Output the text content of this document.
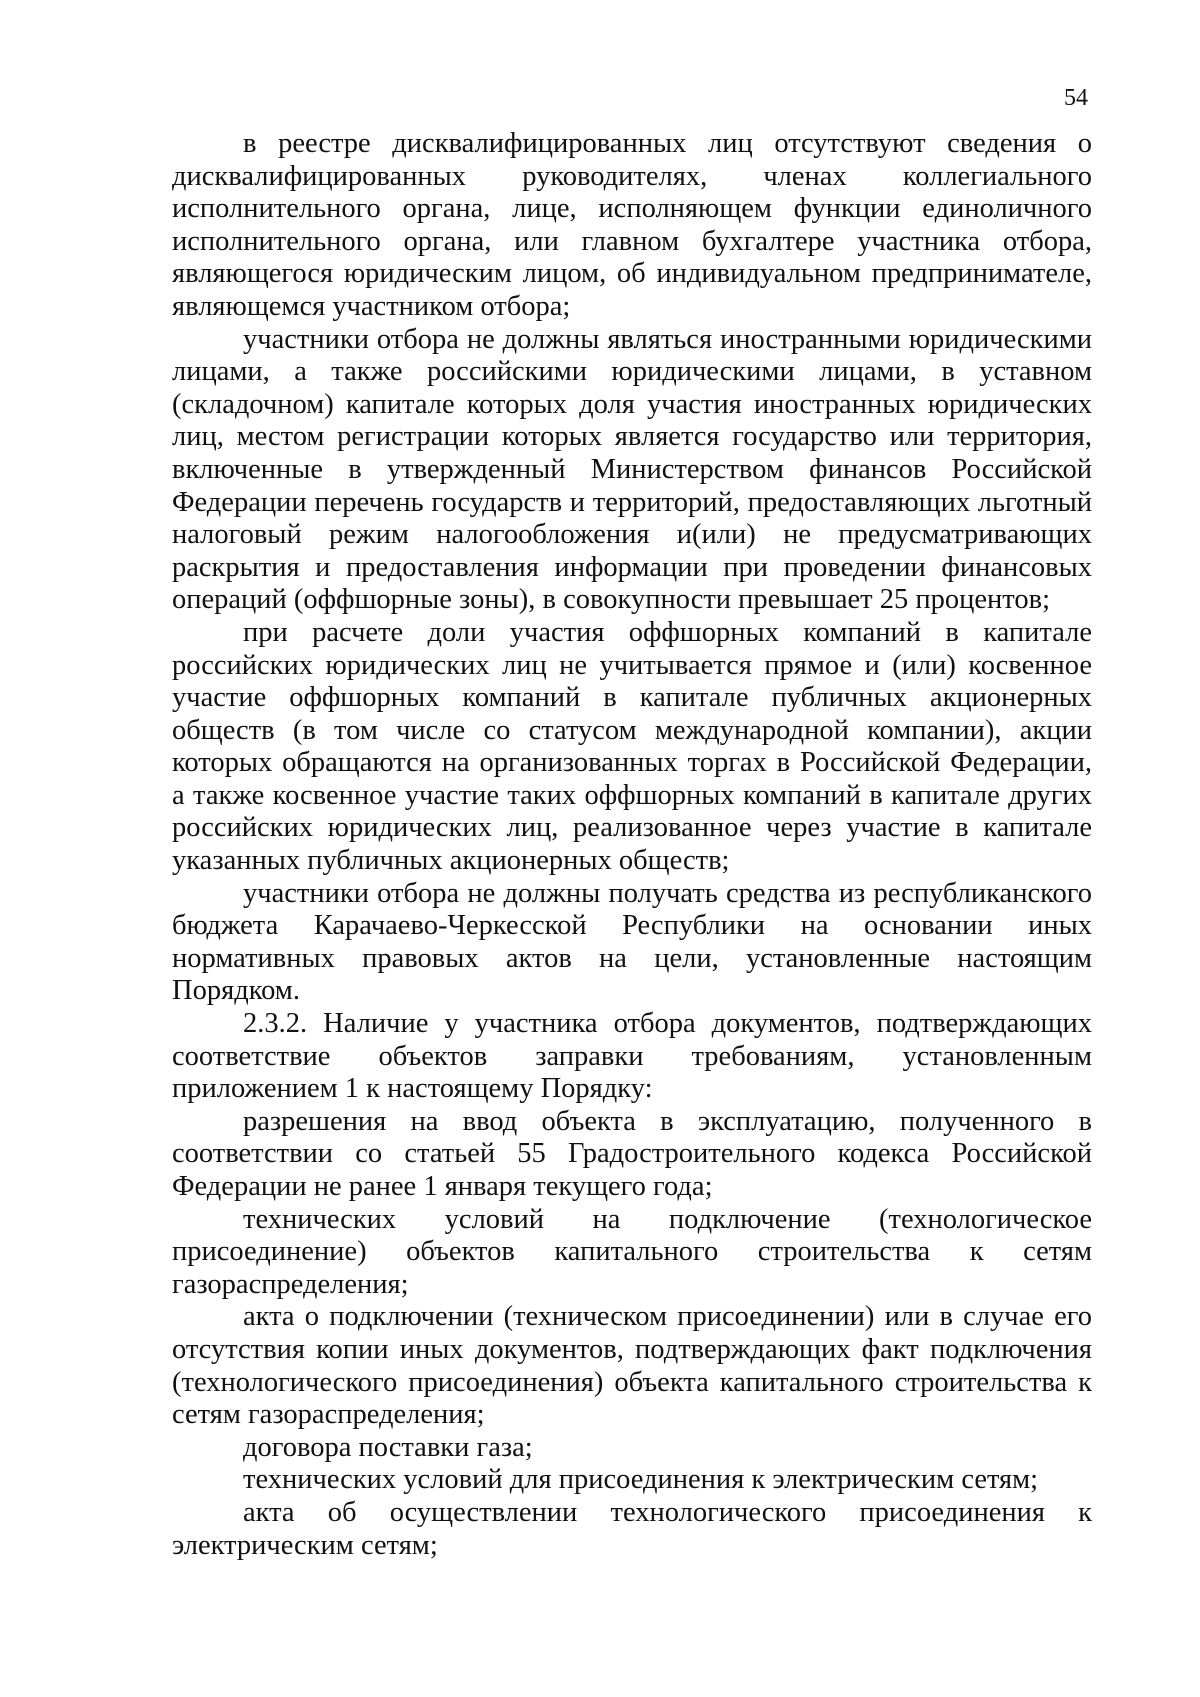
54

в реестре дисквалифицированных лиц отсутствуют сведения о дисквалифицированных руководителях, членах коллегиального исполнительного органа, лице, исполняющем функции единоличного исполнительного органа, или главном бухгалтере участника отбора, являющегося юридическим лицом, об индивидуальном предпринимателе, являющемся участником отбора;

участники отбора не должны являться иностранными юридическими лицами, а также российскими юридическими лицами, в уставном (складочном) капитале которых доля участия иностранных юридических лиц, местом регистрации которых является государство или территория, включенные в утвержденный Министерством финансов Российской Федерации перечень государств и территорий, предоставляющих льготный налоговый режим налогообложения и(или) не предусматривающих раскрытия и предоставления информации при проведении финансовых операций (оффшорные зоны), в совокупности превышает 25 процентов;

при расчете доли участия оффшорных компаний в капитале российских юридических лиц не учитывается прямое и (или) косвенное участие оффшорных компаний в капитале публичных акционерных обществ (в том числе со статусом международной компании), акции которых обращаются на организованных торгах в Российской Федерации, а также косвенное участие таких оффшорных компаний в капитале других российских юридических лиц, реализованное через участие в капитале указанных публичных акционерных обществ;

участники отбора не должны получать средства из республиканского бюджета Карачаево-Черкесской Республики на основании иных нормативных правовых актов на цели, установленные настоящим Порядком.

2.3.2. Наличие у участника отбора документов, подтверждающих соответствие объектов заправки требованиям, установленным приложением 1 к настоящему Порядку:

разрешения на ввод объекта в эксплуатацию, полученного в соответствии со статьей 55 Градостроительного кодекса Российской Федерации не ранее 1 января текущего года;

технических условий на подключение (технологическое присоединение) объектов капитального строительства к сетям газораспределения;

акта о подключении (техническом присоединении) или в случае его отсутствия копии иных документов, подтверждающих факт подключения (технологического присоединения) объекта капитального строительства к сетям газораспределения;

договора поставки газа;

технических условий для присоединения к электрическим сетям;

акта об осуществлении технологического присоединения к электрическим сетям;
